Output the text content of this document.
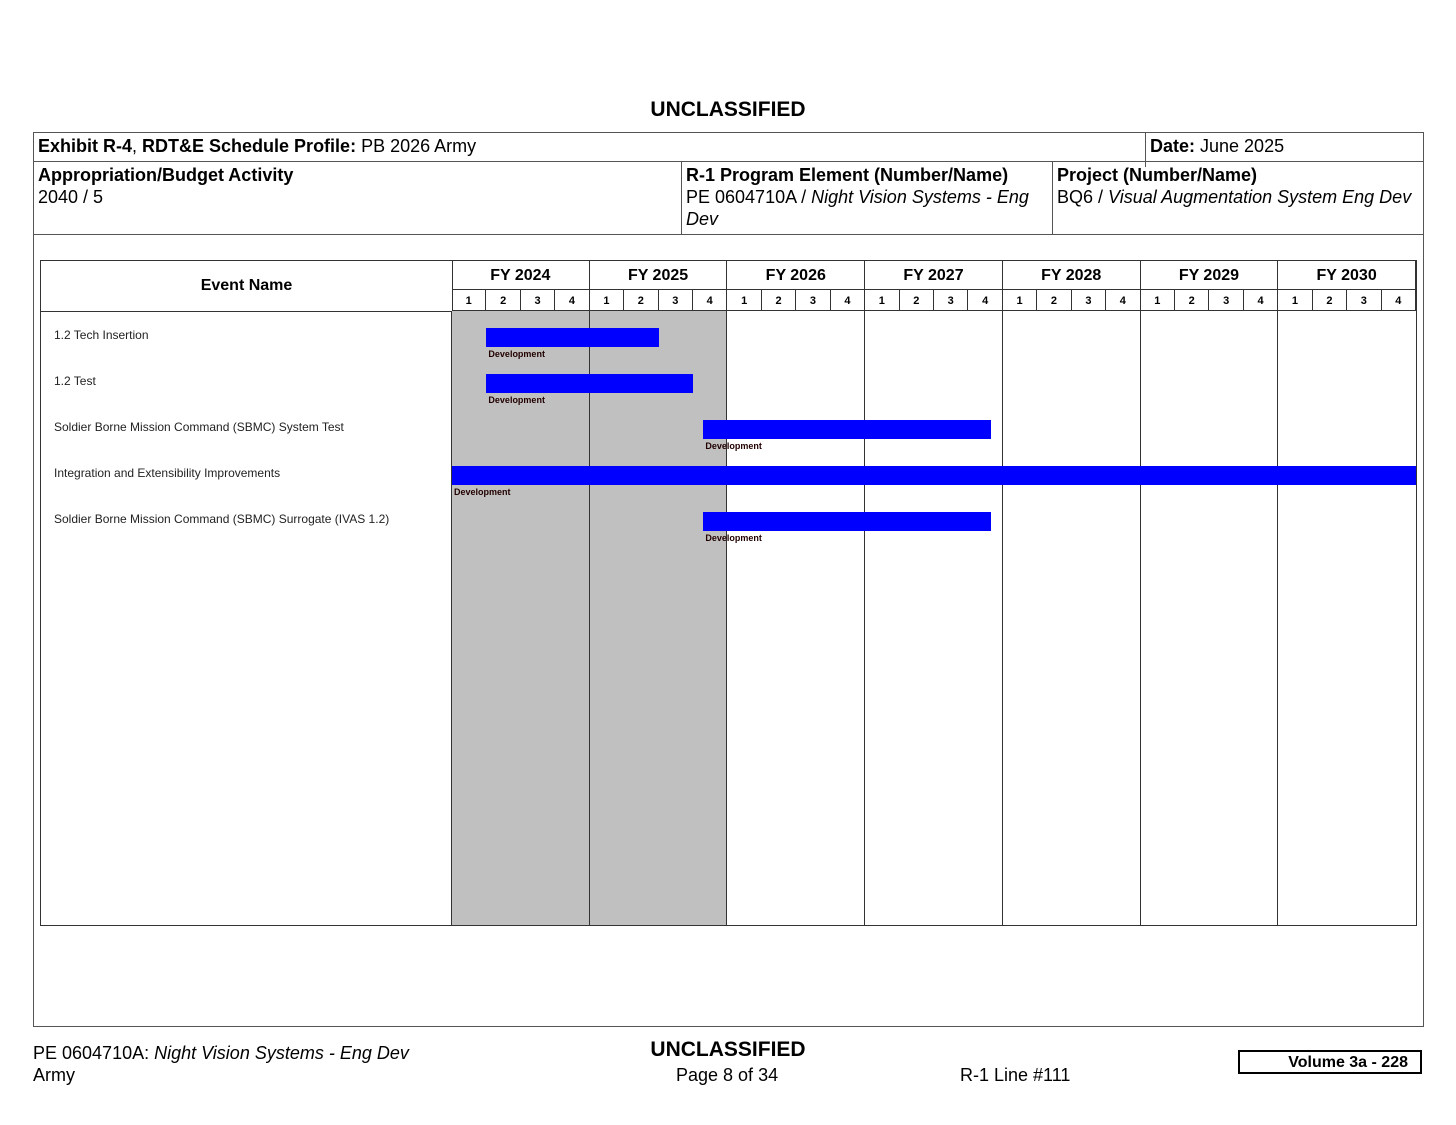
UNCLASSIFIED
Exhibit R-4, RDT&E Schedule Profile: PB 2026 Army	Date: June 2025
Appropriation/Budget Activity
2040 / 5
R-1 Program Element (Number/Name)
PE 0604710A / Night Vision Systems - Eng Dev
Project (Number/Name)
BQ6 / Visual Augmentation System Eng Dev
Event Name
FY 2024
1	2	3	4
FY 2025
1	2	3	4
FY 2026
1	2	3	4
FY 2027
1	2	3	4
FY 2028
1	2	3	4
FY 2029
1	2	3	4
FY 2030
1	2	3	4
1.2 Tech Insertion
Development
1.2 Test
Development
Soldier Borne Mission Command (SBMC) System Test
Development
Integration and Extensibility Improvements
Development
Soldier Borne Mission Command (SBMC) Surrogate (IVAS 1.2)
Development
UNCLASSIFIED
PE 0604710A: Night Vision Systems - Eng Dev
Army	Page 8 of 34	R-1 Line #111
Volume 3a - 228
